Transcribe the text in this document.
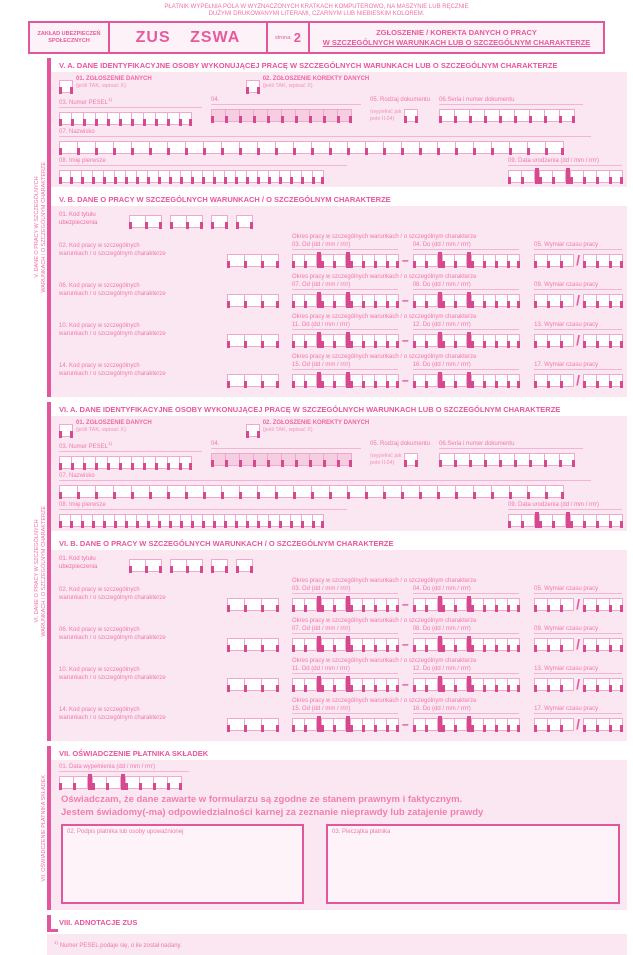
PŁATNIK WYPEŁNIA POLA W WYZNACZONYCH KRATKACH KOMPUTEROWO, NA MASZYNIE LUB RĘCZNIE
DUŻYMI DRUKOWANYMI LITERAMI, CZARNYM LUB NIEBIESKIM KOLOREM.
ZAKŁAD UBEZPIECZEŃ
SPOŁECZNYCH	ZUS ZSWA	strona: 2	ZGŁOSZENIE / KOREKTA DANYCH O PRACY
W SZCZEGÓLNYCH WARUNKACH LUB O SZCZEGÓLNYM CHARAKTERZE
V. DANE O PRACY W SZCZEGÓLNYCH WARUNKACH / O SZCZEGÓLNYM CHARAKTERZE
V. A. DANE IDENTYFIKACYJNE OSOBY WYKONUJĄCEJ PRACĘ W SZCZEGÓLNYCH WARUNKACH LUB O SZCZEGÓLNYM CHARAKTERZE
01. ZGŁOSZENIE DANYCH
(jeśli TAK, wpisać X)
02. ZGŁOSZENIE KOREKTY DANYCH
(jeśli TAK, wpisać X)
03. Numer PESEL$^{1)}$	04.	05. Rodzaj dokumentu
(wypełnić jak
pole II.04)
06.Seria i numer dokumentu
07. Nazwisko
08. Imię pierwsze	09. Data urodzenia (dd / mm / rrrr)
V. B. DANE O PRACY W SZCZEGÓLNYCH WARUNKACH / O SZCZEGÓLNYM CHARAKTERZE
01. Kod tytułu
ubezpieczenia
02. Kod pracy w szczególnych
warunkach / o szczególnym charakterze
Okres pracy w szczególnych warunkach / o szczególnym charakterze
03. Od (dd / mm / rrrr)
–
04. Do (dd / mm / rrrr)	05. Wymiar czasu pracy
/
06. Kod pracy w szczególnych
warunkach / o szczególnym charakterze
Okres pracy w szczególnych warunkach / o szczególnym charakterze
07. Od (dd / mm / rrrr)
–
08. Do (dd / mm / rrrr)	09. Wymiar czasu pracy
/
10. Kod pracy w szczególnych
warunkach / o szczególnym charakterze
Okres pracy w szczególnych warunkach / o szczególnym charakterze
11. Od (dd / mm / rrrr)
–
12. Do (dd / mm / rrrr)	13. Wymiar czasu pracy
/
14. Kod pracy w szczególnych
warunkach / o szczególnym charakterze
Okres pracy w szczególnych warunkach / o szczególnym charakterze
15. Od (dd / mm / rrrr)
–
16. Do (dd / mm / rrrr)	17. Wymiar czasu pracy
/
VI. DANE O PRACY W SZCZEGÓLNYCH WARUNKACH / O SZCZEGÓLNYM CHARAKTERZE
VI. A. DANE IDENTYFIKACYJNE OSOBY WYKONUJĄCEJ PRACĘ W SZCZEGÓLNYCH WARUNKACH LUB O SZCZEGÓLNYM CHARAKTERZE
01. ZGŁOSZENIE DANYCH
(jeśli TAK, wpisać X)
02. ZGŁOSZENIE KOREKTY DANYCH
(jeśli TAK, wpisać X)
03. Numer PESEL$^{1)}$	04.	05. Rodzaj dokumentu
(wypełnić jak
pole II.04)
06.Seria i numer dokumentu
07. Nazwisko
08. Imię pierwsze	09. Data urodzenia (dd / mm / rrrr)
VI. B. DANE O PRACY W SZCZEGÓLNYCH WARUNKACH / O SZCZEGÓLNYM CHARAKTERZE
01. Kod tytułu
ubezpieczenia
02. Kod pracy w szczególnych
warunkach / o szczególnym charakterze
Okres pracy w szczególnych warunkach / o szczególnym charakterze
03. Od (dd / mm / rrrr)
–
04. Do (dd / mm / rrrr)	05. Wymiar czasu pracy
/
06. Kod pracy w szczególnych
warunkach / o szczególnym charakterze
Okres pracy w szczególnych warunkach / o szczególnym charakterze
07. Od (dd / mm / rrrr)
–
08. Do (dd / mm / rrrr)	09. Wymiar czasu pracy
/
10. Kod pracy w szczególnych
warunkach / o szczególnym charakterze
Okres pracy w szczególnych warunkach / o szczególnym charakterze
11. Od (dd / mm / rrrr)
–
12. Do (dd / mm / rrrr)	13. Wymiar czasu pracy
/
14. Kod pracy w szczególnych
warunkach / o szczególnym charakterze
Okres pracy w szczególnych warunkach / o szczególnym charakterze
15. Od (dd / mm / rrrr)
–
16. Do (dd / mm / rrrr)	17. Wymiar czasu pracy
/
VII. OŚWIADCZENIE PŁATNIKA SKŁADEK
VII. OŚWIADCZENIE PŁATNIKA SKŁADEK
01. Data wypełnienia (dd / mm / rrrr)
Oświadczam, że dane zawarte w formularzu są zgodne ze stanem prawnym i faktycznym.
Jestem świadomy(-ma) odpowiedzialności karnej za zeznanie nieprawdy lub zatajenie prawdy
02. Podpis płatnika lub osoby upoważnionej	03. Pieczątka płatnika
VIII. ADNOTACJE ZUS
$^{1)}$ Numer PESEL podaje się, o ile został nadany.
